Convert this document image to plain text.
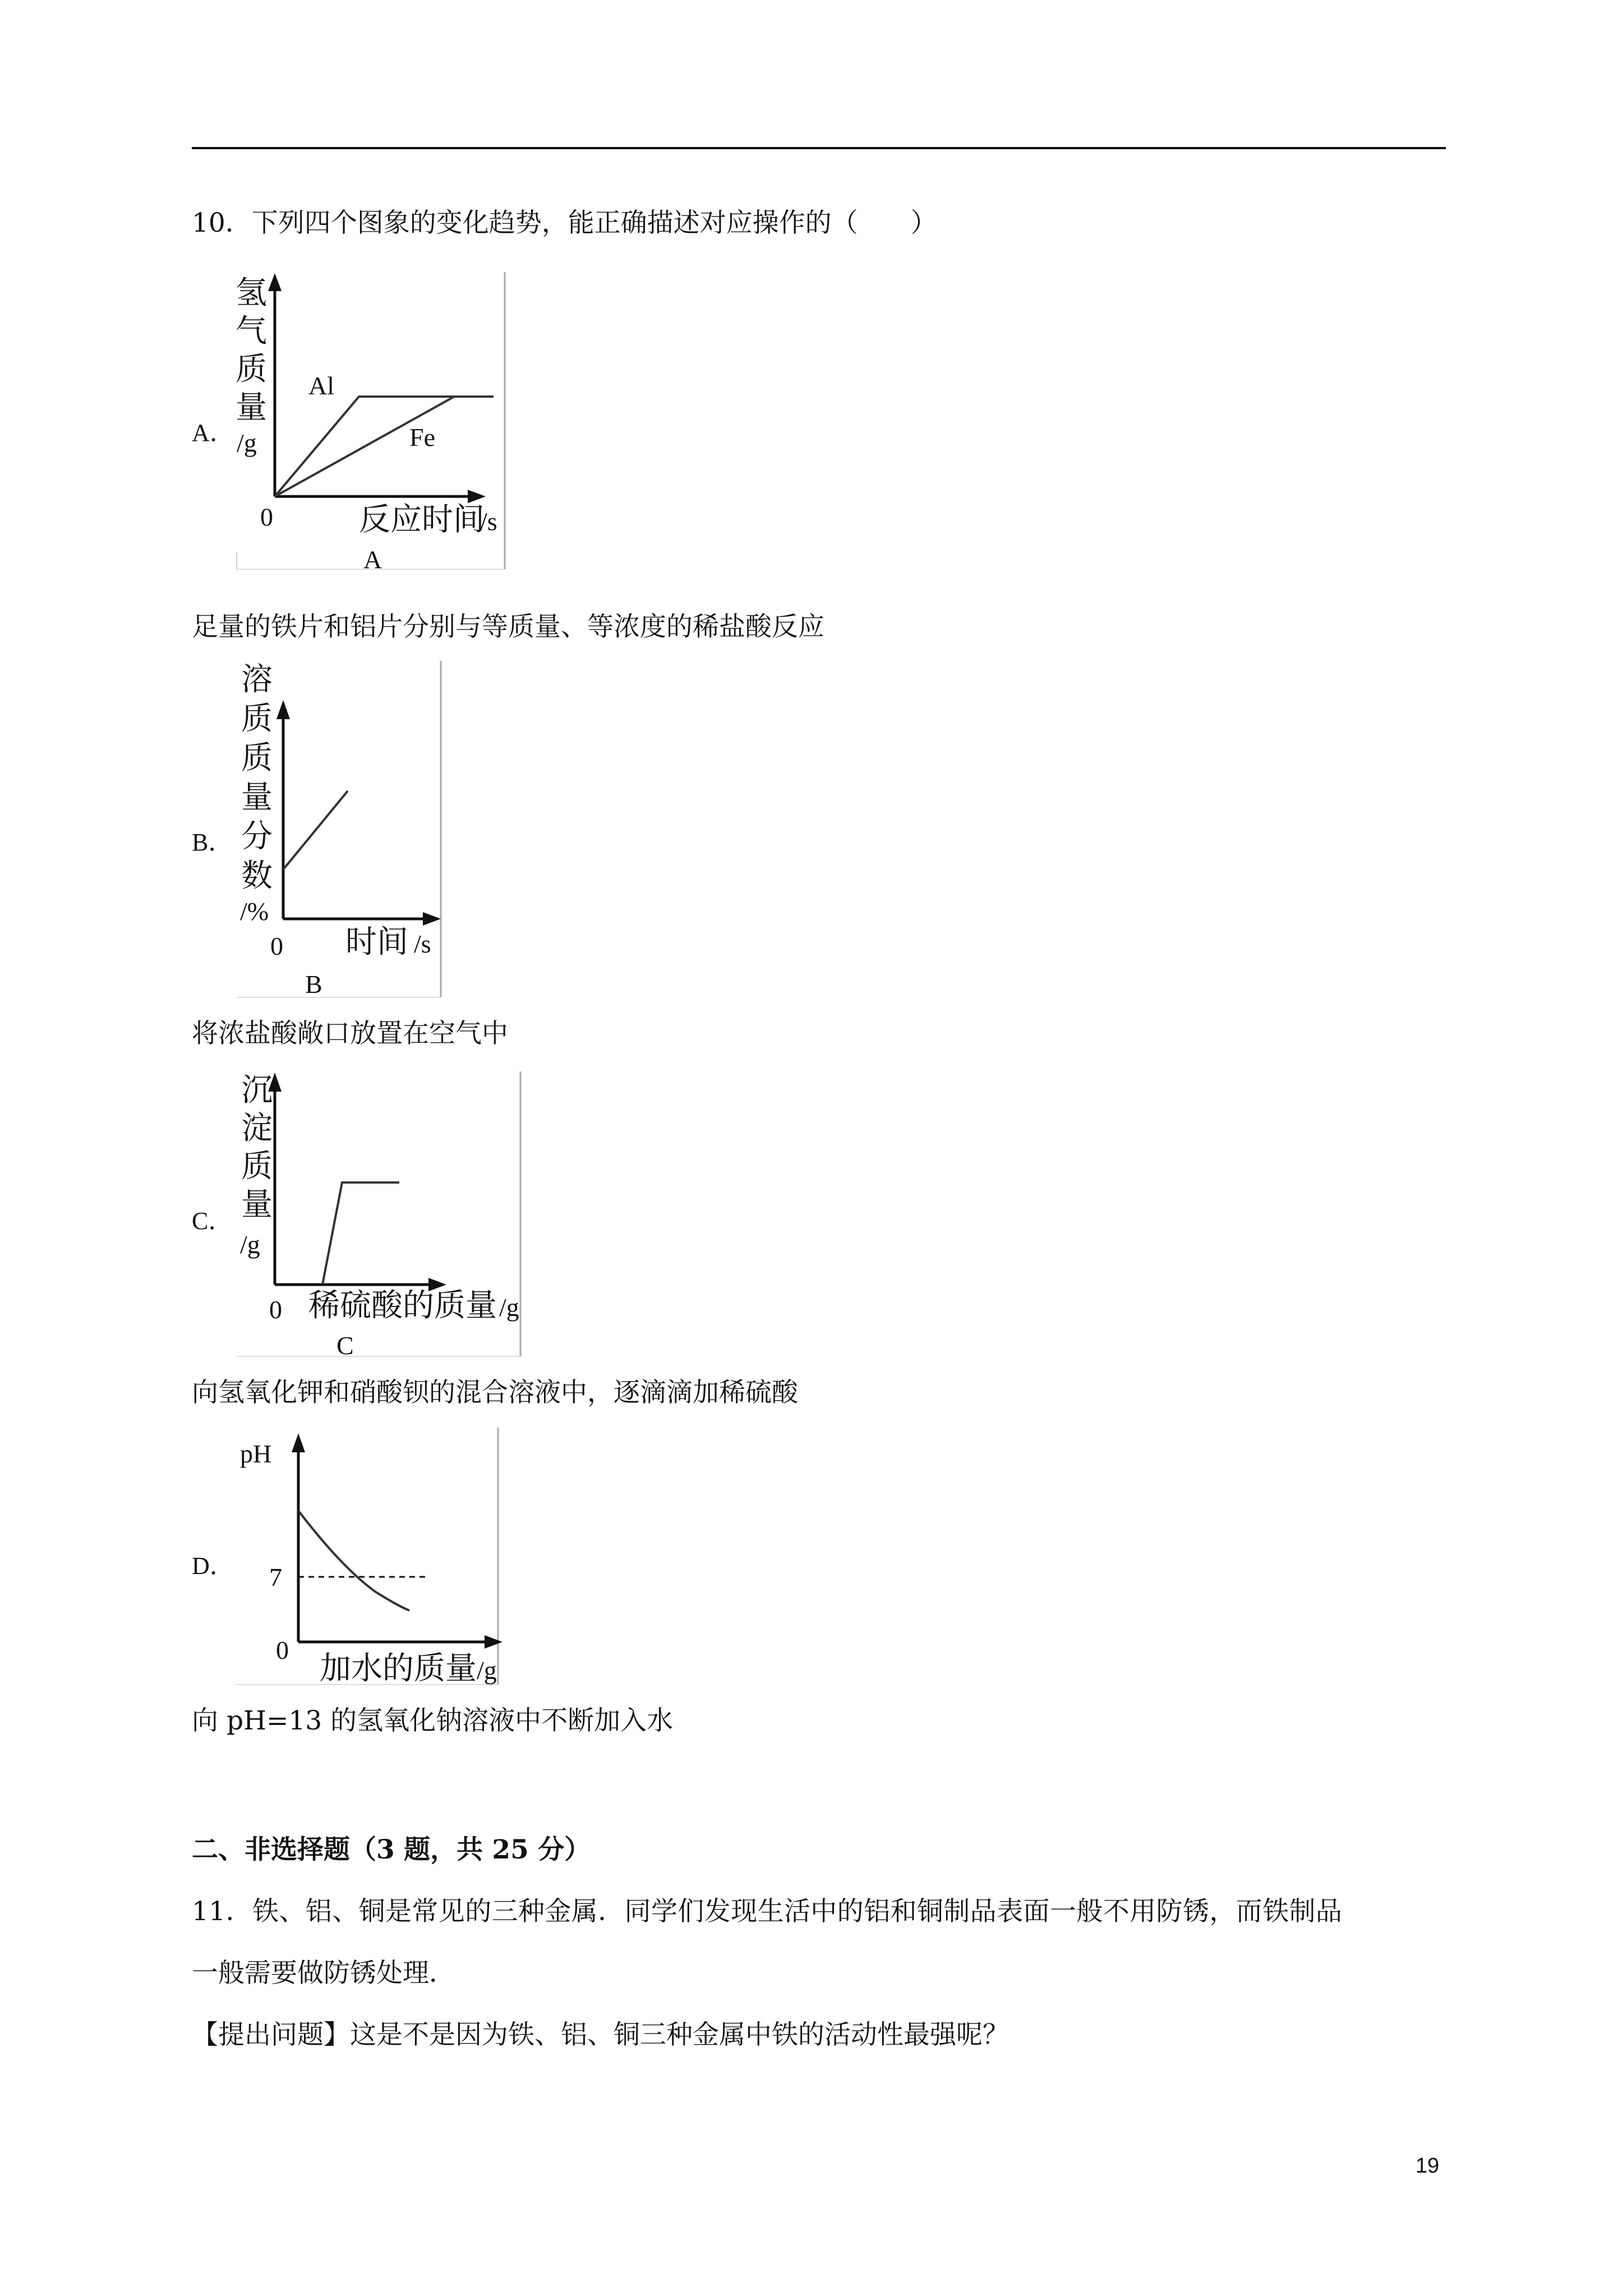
10．下列四个图象的变化趋势，能正确描述对应操作的（　　）
A．
氢
气
质
量
/g
Al
Fe
0	反应时间
/s
A
足量的铁片和铝片分别与等质量、等浓度的稀盐酸反应
B．
溶
质
质
量
分
数
/%
0 时间 /s
B
将浓盐酸敞口放置在空气中
C．
沉
淀
质
量
/g
0 稀硫酸的质量 /g
C
向氢氧化钾和硝酸钡的混合溶液中，逐滴滴加稀硫酸
D．
pH
7
0
加水的质量 /g
向 pH=13 的氢氧化钠溶液中不断加入水
二、非选择题（3 题，共 25 分）
11．铁、铝、铜是常见的三种金属．同学们发现生活中的铝和铜制品表面一般不用防锈，而铁制品
一般需要做防锈处理．
【提出问题】这是不是因为铁、铝、铜三种金属中铁的活动性最强呢？
19
